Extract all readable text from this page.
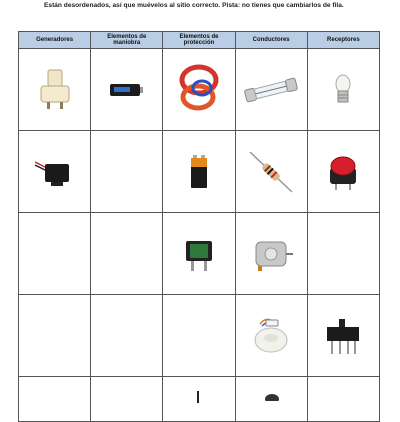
Están desordenados, así que muévelos al sitio correcto. Pista: no tienes que cambiarlos de fila.
Generadores	Elementos de maniobra	Elementos de protección	Conductores	Receptores
